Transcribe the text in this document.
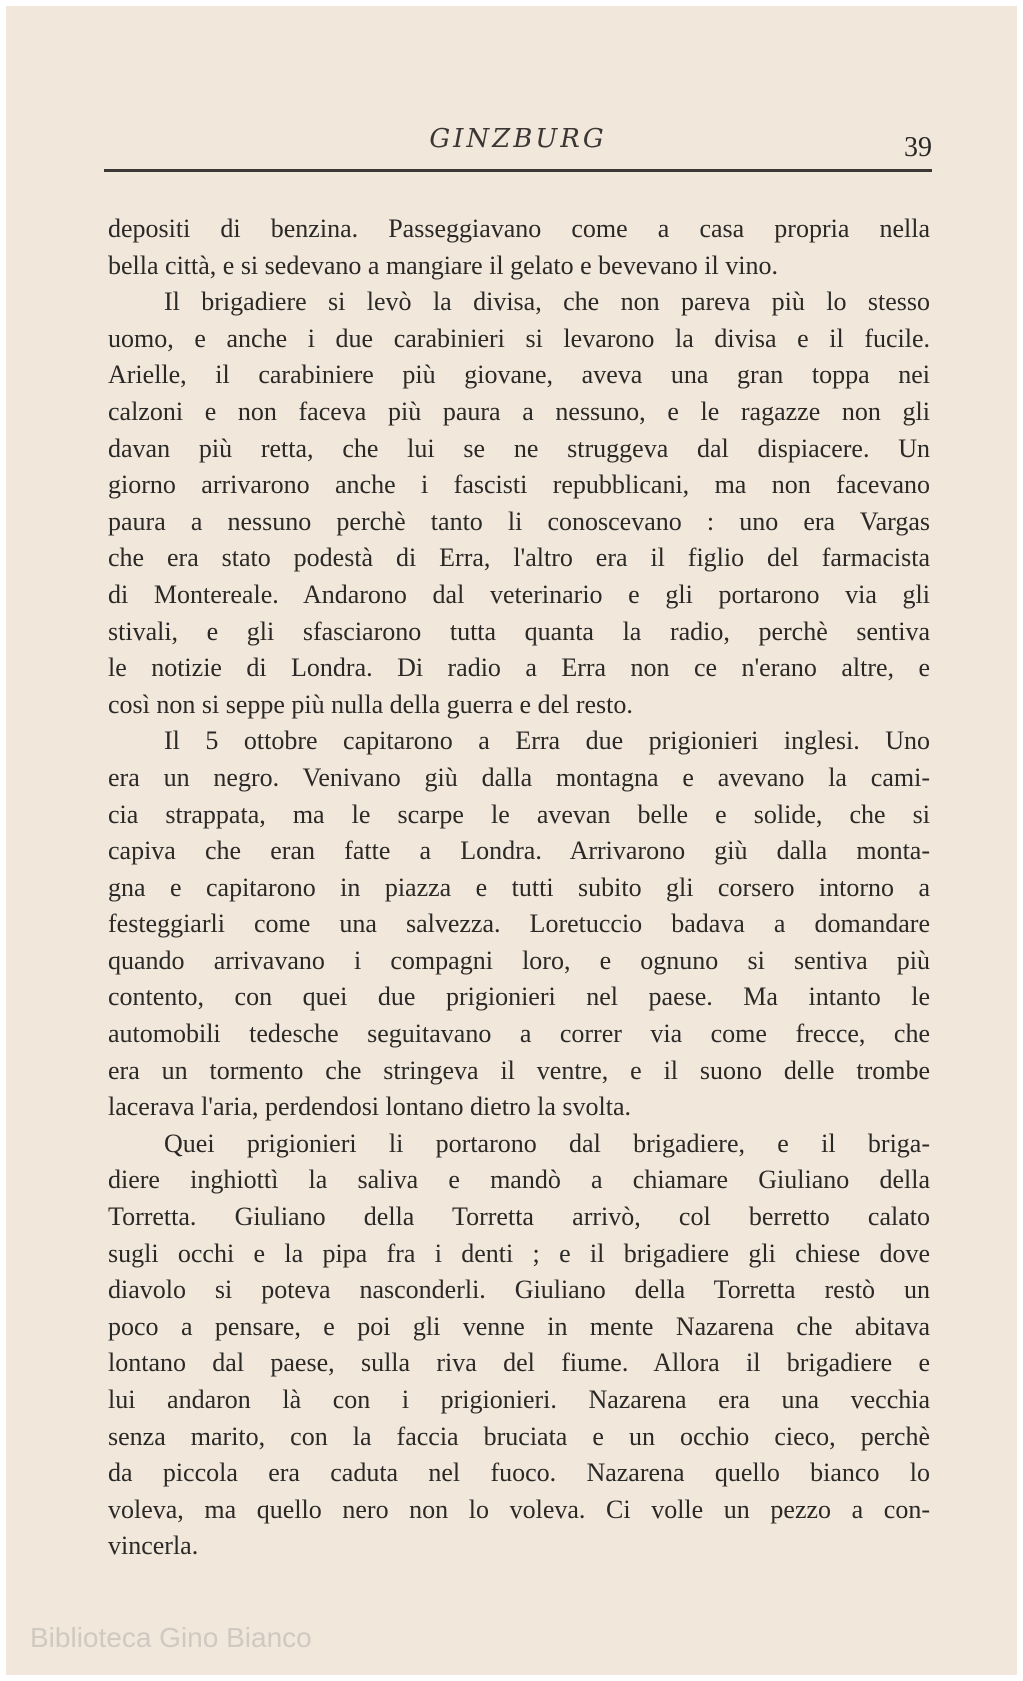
GINZBURG	39
depositi di benzina. Passeggiavano come a casa propria nella
bella città, e si sedevano a mangiare il gelato e bevevano il vino.
Il brigadiere si levò la divisa, che non pareva più lo stesso
uomo, e anche i due carabinieri si levarono la divisa e il fucile.
Arielle, il carabiniere più giovane, aveva una gran toppa nei
calzoni e non faceva più paura a nessuno, e le ragazze non gli
davan più retta, che lui se ne struggeva dal dispiacere. Un
giorno arrivarono anche i fascisti repubblicani, ma non facevano
paura a nessuno perchè tanto li conoscevano : uno era Vargas
che era stato podestà di Erra, l'altro era il figlio del farmacista
di Montereale. Andarono dal veterinario e gli portarono via gli
stivali, e gli sfasciarono tutta quanta la radio, perchè sentiva
le notizie di Londra. Di radio a Erra non ce n'erano altre, e
così non si seppe più nulla della guerra e del resto.
Il 5 ottobre capitarono a Erra due prigionieri inglesi. Uno
era un negro. Venivano giù dalla montagna e avevano la cami-
cia strappata, ma le scarpe le avevan belle e solide, che si
capiva che eran fatte a Londra. Arrivarono giù dalla monta-
gna e capitarono in piazza e tutti subito gli corsero intorno a
festeggiarli come una salvezza. Loretuccio badava a domandare
quando arrivavano i compagni loro, e ognuno si sentiva più
contento, con quei due prigionieri nel paese. Ma intanto le
automobili tedesche seguitavano a correr via come frecce, che
era un tormento che stringeva il ventre, e il suono delle trombe
lacerava l'aria, perdendosi lontano dietro la svolta.
Quei prigionieri li portarono dal brigadiere, e il briga-
diere inghiottì la saliva e mandò a chiamare Giuliano della
Torretta. Giuliano della Torretta arrivò, col berretto calato
sugli occhi e la pipa fra i denti ; e il brigadiere gli chiese dove
diavolo si poteva nasconderli. Giuliano della Torretta restò un
poco a pensare, e poi gli venne in mente Nazarena che abitava
lontano dal paese, sulla riva del fiume. Allora il brigadiere e
lui andaron là con i prigionieri. Nazarena era una vecchia
senza marito, con la faccia bruciata e un occhio cieco, perchè
da piccola era caduta nel fuoco. Nazarena quello bianco lo
voleva, ma quello nero non lo voleva. Ci volle un pezzo a con-
vincerla.
Biblioteca Gino Bianco
